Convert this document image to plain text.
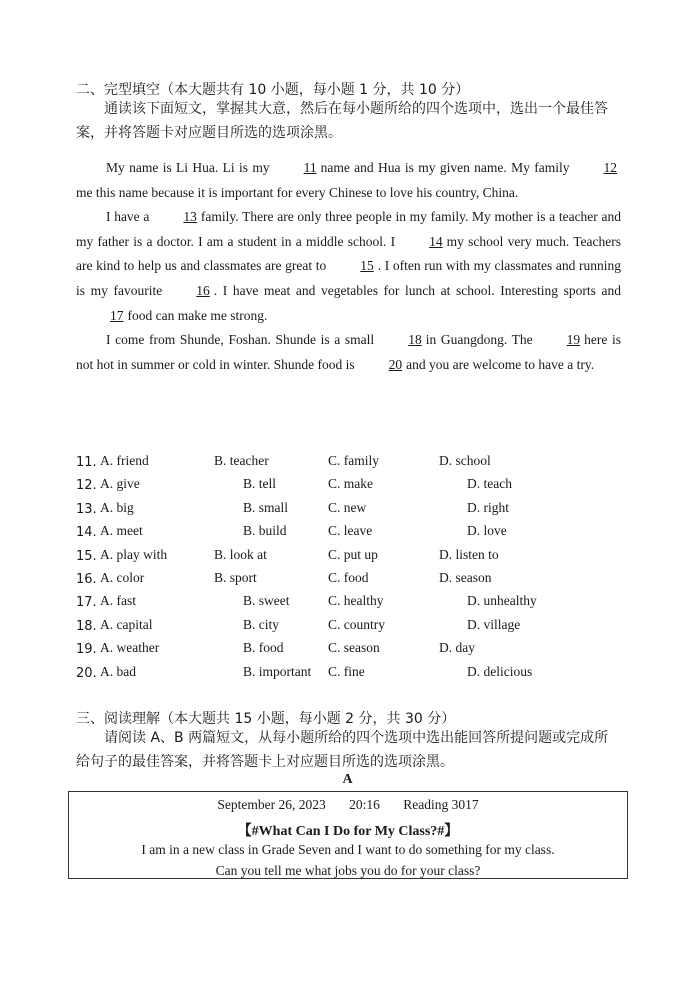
二、完型填空（本大题共有 10 小题，每小题 1 分，共 10 分）
通读该下面短文，掌握其大意，然后在每小题所给的四个选项中，选出一个最佳答案，并将答题卡对应题目所选的选项涂黑。

My name is Li Hua. Li is my	11 name and Hua is my given name. My family	12me this name because it is important for every Chinese to love his country, China.

I have a	13 family. There are only three people in my family. My mother is a teacher and my father is a doctor. I am a student in a middle school. I	14 my school very much. Teachers are kind to help us and classmates are great to	15 . I often run with my classmates and running is my favourite	16 . I have meat and vegetables for lunch at school. Interesting sports and17 food can make me strong.

I come from Shunde, Foshan. Shunde is a small	18 in Guangdong. The	19 here is not hot in summer or cold in winter. Shunde food is	20 and you are welcome to have a try.

11. A. friend	B. teacher	C. family	D. school
12. A. give	B. tell	C. make	D. teach
13. A. big	B. small	C. new	D. right
14. A. meet	B. build	C. leave	D. love
15. A. play with	B. look at	C. put up	D. listen to
16. A. color	B. sport	C. food	D. season
17. A. fast	B. sweet	C. healthy	D. unhealthy
18. A. capital	B. city	C. country	D. village
19. A. weather	B. food	C. season	D. day
20. A. bad	B. important C. fine	D. delicious
三、阅读理解（本大题共 15 小题，每小题 2 分，共 30 分）
请阅读 A、B 两篇短文，从每小题所给的四个选项中选出能回答所提问题或完成所给句子的最佳答案，并将答题卡上对应题目所选的选项涂黑。
A
September 26, 2023 20:16 Reading 3017
【#What Can I Do for My Class?#】
I am in a new class in Grade Seven and I want to do something for my class.
Can you tell me what jobs you do for your class?
